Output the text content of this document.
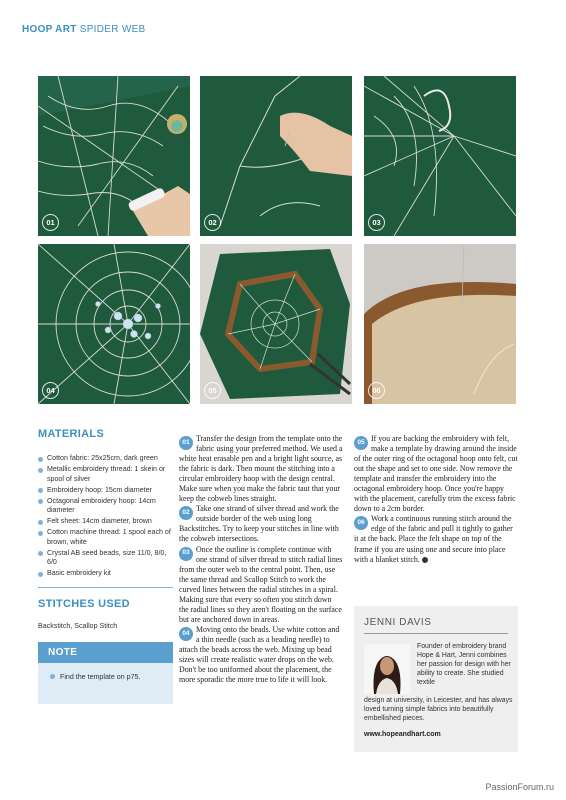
HOOP ART SPIDER WEB
01	02	03
04	05	06
MATERIALS
Cotton fabric: 25x25cm, dark green
Metallic embroidery thread: 1 skein or spool of silver
Embroidery hoop: 15cm diameter
Octagonal embroidery hoop: 14cm diameter
Felt sheet: 14cm diameter, brown
Cotton machine thread: 1 spool each of brown, white
Crystal AB seed beads, size 11/0, 8/0, 6/0
Basic embroidery kit
STITCHES USED
Backstitch, Scallop Stitch
NOTE
Find the template on p75.

01 Transfer the design from the template onto the fabric using your preferred method. We used a white heat erasable pen and a bright light source, as the fabric is dark. Then mount the stitching into a circular embroidery hoop with the design central. Make sure when you make the fabric taut that your keep the cobweb lines straight.

02 Take one strand of silver thread and work the outside border of the web using long Backstitches. Try to keep your stitches in line with the cobweb intersections.

03 Once the outline is complete continue with one strand of silver thread to stitch radial lines from the outer web to the central point. Then, use the same thread and Scallop Stitch to work the curved lines between the radial stitches in a spiral. Making sure that every so often you stitch down the radial lines so they aren't floating on the surface but are anchored down in areas.

04 Moving onto the beads. Use white cotton and a thin needle (such as a beading needle) to attach the beads across the web. Mixing up bead sizes will create realistic water drops on the web. Don't be too uniformed about the placement, the more sporadic the more true to life it will look.

05 If you are backing the embroidery with felt, make a template by drawing around the inside of the outer ring of the octagonal hoop onto felt, cut out the shape and set to one side. Now remove the template and transfer the embroidery into the octagonal embroidery hoop. Once you're happy with the placement, carefully trim the excess fabric down to a 2cm border.

06 Work a continuous running stitch around the edge of the fabric and pull it tightly to gather it at the back. Place the felt shape on top of the frame if you are using one and secure into place with a blanket stitch.

JENNI DAVIS
Founder of embroidery brand Hope & Hart, Jenni combines her passion for design with her ability to create. She studied textile
design at university, in Leicester, and has always loved turning simple fabrics into beautifully embellished pieces.
www.hopeandhart.com
PassionForum.ru
